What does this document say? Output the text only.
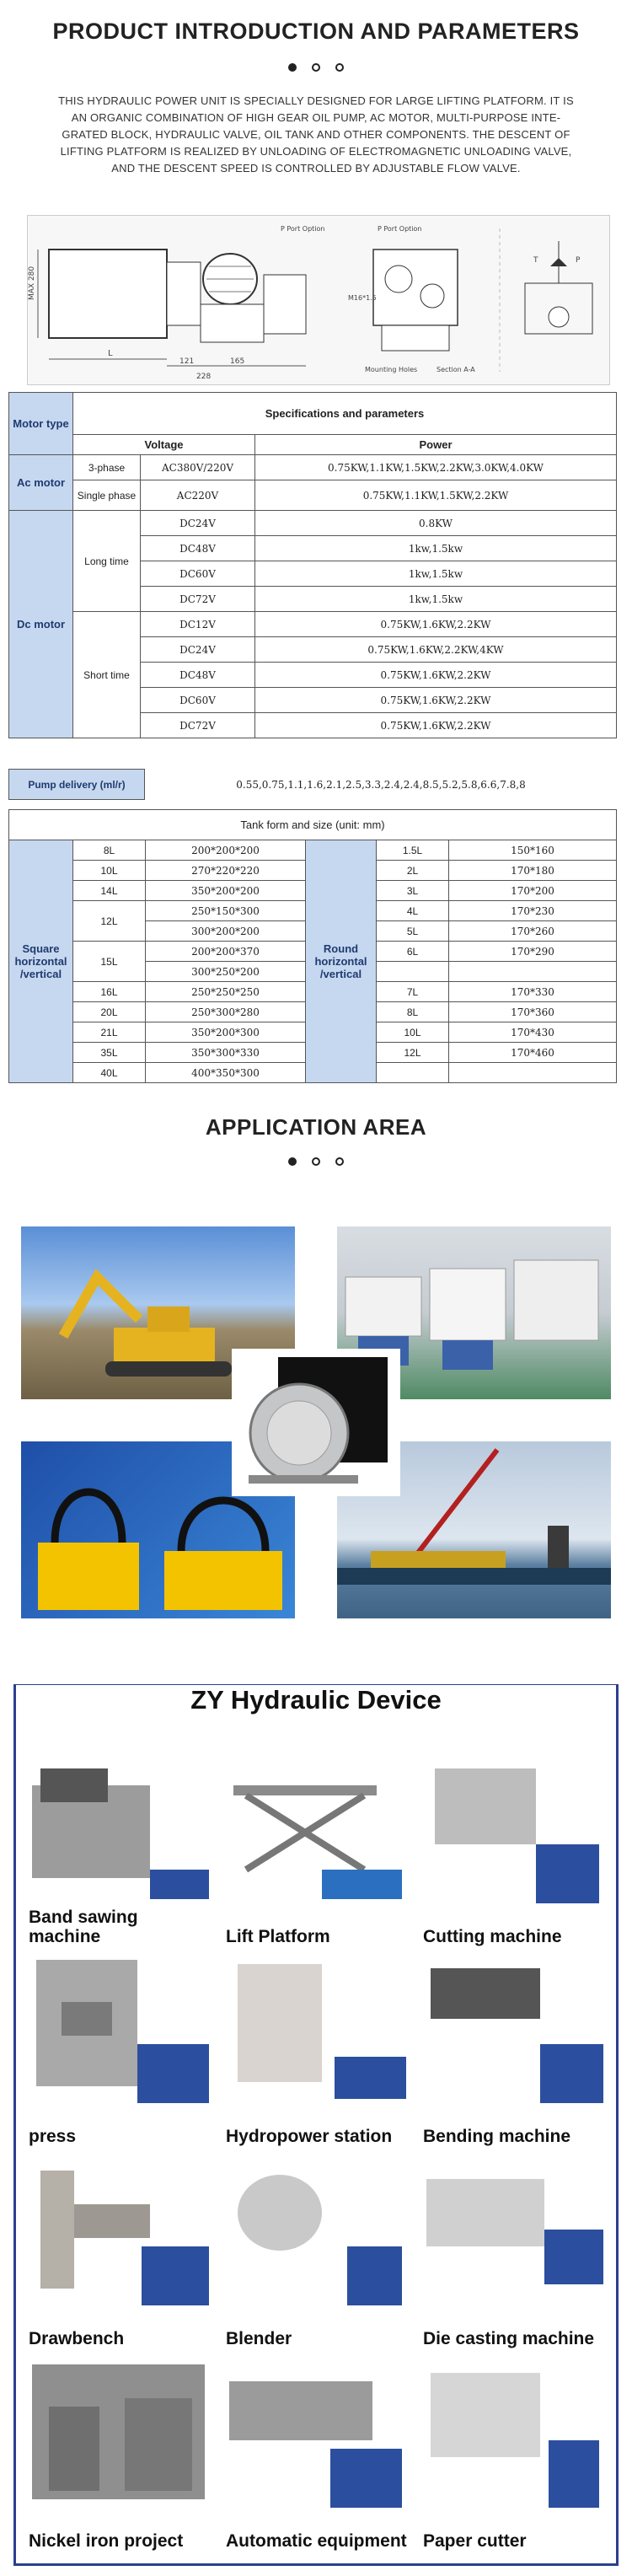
PRODUCT INTRODUCTION AND PARAMETERS

THIS HYDRAULIC POWER UNIT IS SPECIALLY DESIGNED FOR LARGE LIFTING PLATFORM. IT IS

AN ORGANIC COMBINATION OF HIGH GEAR OIL PUMP, AC MOTOR, MULTI-PURPOSE INTE-

GRATED BLOCK, HYDRAULIC VALVE, OIL TANK AND OTHER COMPONENTS. THE DESCENT OF

LIFTING PLATFORM IS REALIZED BY UNLOADING OF ELECTROMAGNETIC UNLOADING VALVE,

AND THE DESCENT SPEED IS CONTROLLED BY ADJUSTABLE FLOW VALVE.

MAX 280
L
121	165
228
P Port Option	P Port Option
T	P
M16*1.5
Mounting Holes	Section A-A
Motor type	Specifications and parameters		
	Voltage		Power
Ac motor	3-phase	AC380V/220V	0.75KW,1.1KW,1.5KW,2.2KW,3.0KW,4.0KW
	Single phase	AC220V	0.75KW,1.1KW,1.5KW,2.2KW
Dc motor	Long time	DC24V	0.8KW
		DC48V	1kw,1.5kw
		DC60V	1kw,1.5kw
		DC72V	1kw,1.5kw
	Short time	DC12V	0.75KW,1.6KW,2.2KW
		DC24V	0.75KW,1.6KW,2.2KW,4KW
		DC48V	0.75KW,1.6KW,2.2KW
		DC60V	0.75KW,1.6KW,2.2KW
		DC72V	0.75KW,1.6KW,2.2KW
Pump delivery (ml/r)	0.55,0.75,1.1,1.6,2.1,2.5,3.3,2.4,2.4,8.5,5.2,5.8,6.6,7.8,8
Tank form and size (unit: mm)					
Square horizontal /vertical	8L	200*200*200	Round horizontal /vertical	1.5L	150*160
	10L	270*220*220		2L	170*180
	14L	350*200*200		3L	170*200
	12L	250*150*300		4L	170*230
		300*200*200		5L	170*260
	15L	200*200*370		6L	170*290
		300*250*200			
	16L	250*250*250		7L	170*330
	20L	250*300*280		8L	170*360
	21L	350*200*300		10L	170*430
	35L	350*300*330		12L	170*460
	40L	400*350*300			
APPLICATION AREA

ZY Hydraulic Device
Band sawing machine	Lift Platform	Cutting machine
press	Hydropower station Bending machine
Drawbench	Blender	Die casting machine
Nickel iron project Automatic equipment Paper cutter
